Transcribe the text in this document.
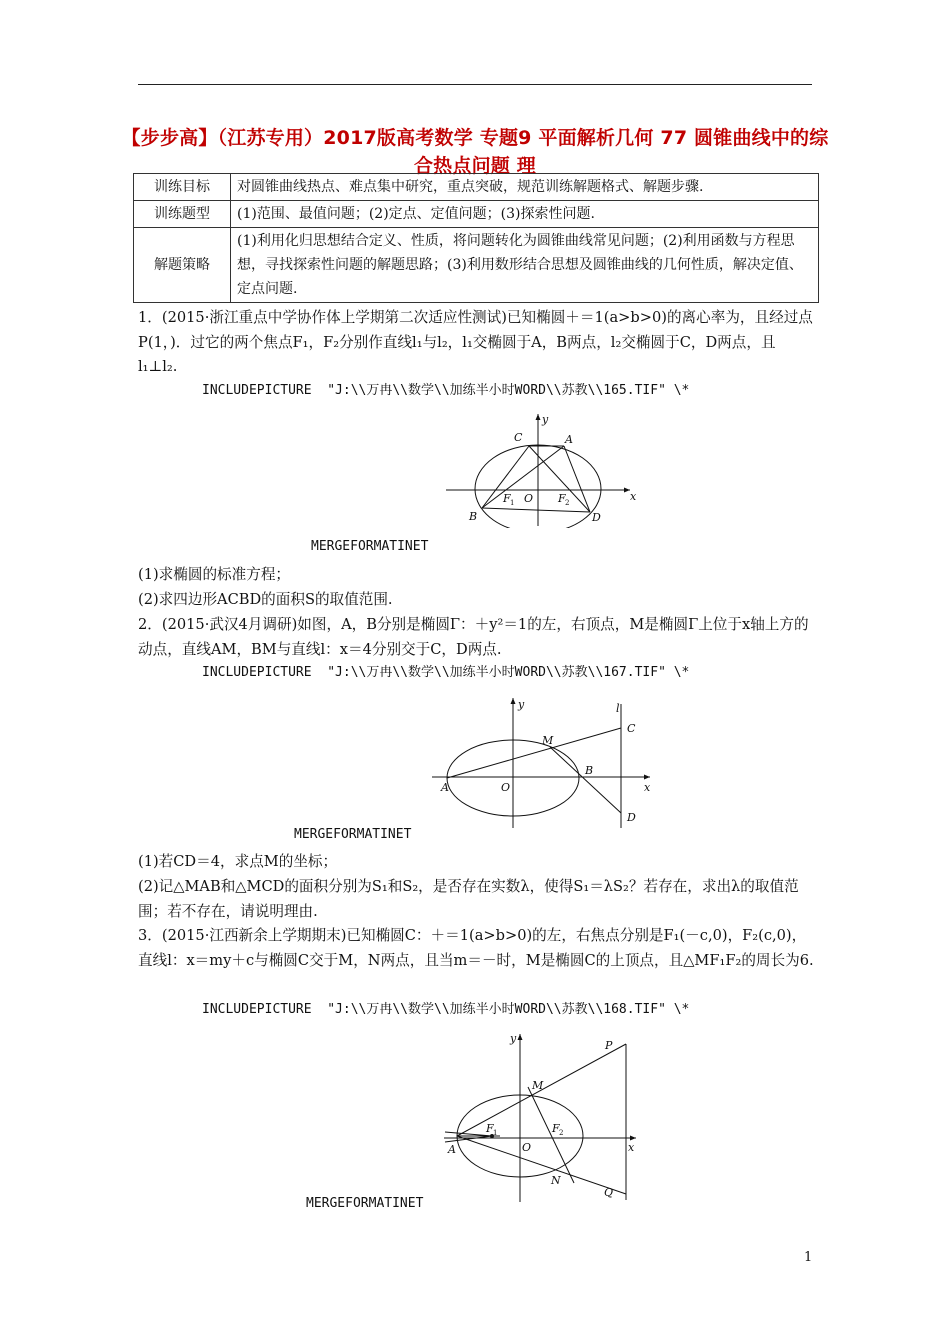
【步步高】（江苏专用）2017版高考数学 专题9 平面解析几何 77 圆锥曲线中的综合热点问题 理
训练目标	对圆锥曲线热点、难点集中研究，重点突破，规范训练解题格式、解题步骤.
训练题型	(1)范围、最值问题；(2)定点、定值问题；(3)探索性问题.
解题策略	(1)利用化归思想结合定义、性质，将问题转化为圆锥曲线常见问题；(2)利用函数与方程思想，寻找探索性问题的解题思路；(3)利用数形结合思想及圆锥曲线的几何性质，解决定值、定点问题.

1．(2015·浙江重点中学协作体上学期第二次适应性测试)已知椭圆＋＝1(a>b>0)的离心率为，且经过点P(1，)．过它的两个焦点F₁，F₂分别作直线l₁与l₂，l₁交椭圆于A，B两点，l₂交椭圆于C，D两点，且l₁⊥l₂.

INCLUDEPICTURE  "J:\\万冉\\数学\\加练半小时WORD\\苏教\\165.TIF" \*
y
x
O
A
B
C
D
F 1	F 2
MERGEFORMATINET

(1)求椭圆的标准方程；

(2)求四边形ACBD的面积S的取值范围.

2．(2015·武汉4月调研)如图，A，B分别是椭圆Γ：＋y²＝1的左，右顶点，M是椭圆Γ上位于x轴上方的动点，直线AM，BM与直线l：x＝4分别交于C，D两点.

INCLUDEPICTURE  "J:\\万冉\\数学\\加练半小时WORD\\苏教\\167.TIF" \*
y
x
O
A
B
C
D
M
l
MERGEFORMATINET

(1)若CD＝4，求点M的坐标；

(2)记△MAB和△MCD的面积分别为S₁和S₂，是否存在实数λ，使得S₁＝λS₂？若存在，求出λ的取值范围；若不存在，请说明理由.

3．(2015·江西新余上学期期末)已知椭圆C：＋＝1(a>b>0)的左，右焦点分别是F₁(－c,0)，F₂(c,0)，直线l：x＝my＋c与椭圆C交于M，N两点，且当m＝－时，M是椭圆C的上顶点，且△MF₁F₂的周长为6.

INCLUDEPICTURE  "J:\\万冉\\数学\\加练半小时WORD\\苏教\\168.TIF" \*
y
x
O
A
M
N
P
Q
F 1	F 2
MERGEFORMATINET
1
